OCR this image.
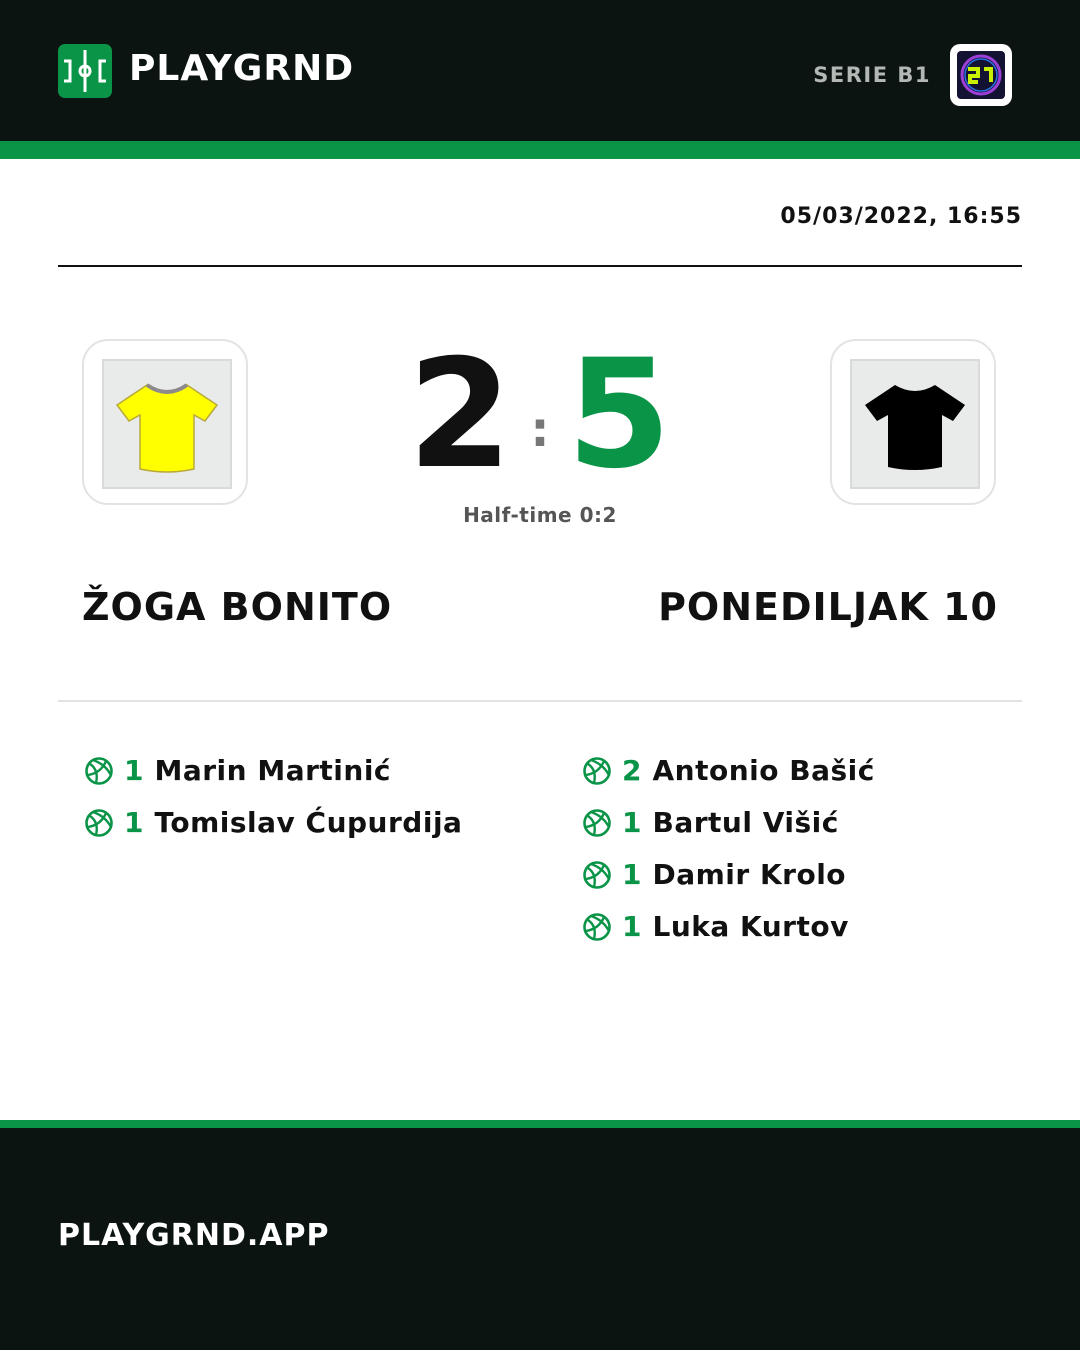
PLAYGRND	SERIE B1
05/03/2022, 16:55
2 : 5
Half-time 0:2
ŽOGA BONITO	PONEDILJAK 10
1 Marin Martinić
1 Tomislav Ćupurdija
2 Antonio Bašić
1 Bartul Višić
1 Damir Krolo
1 Luka Kurtov
PLAYGRND.APP
